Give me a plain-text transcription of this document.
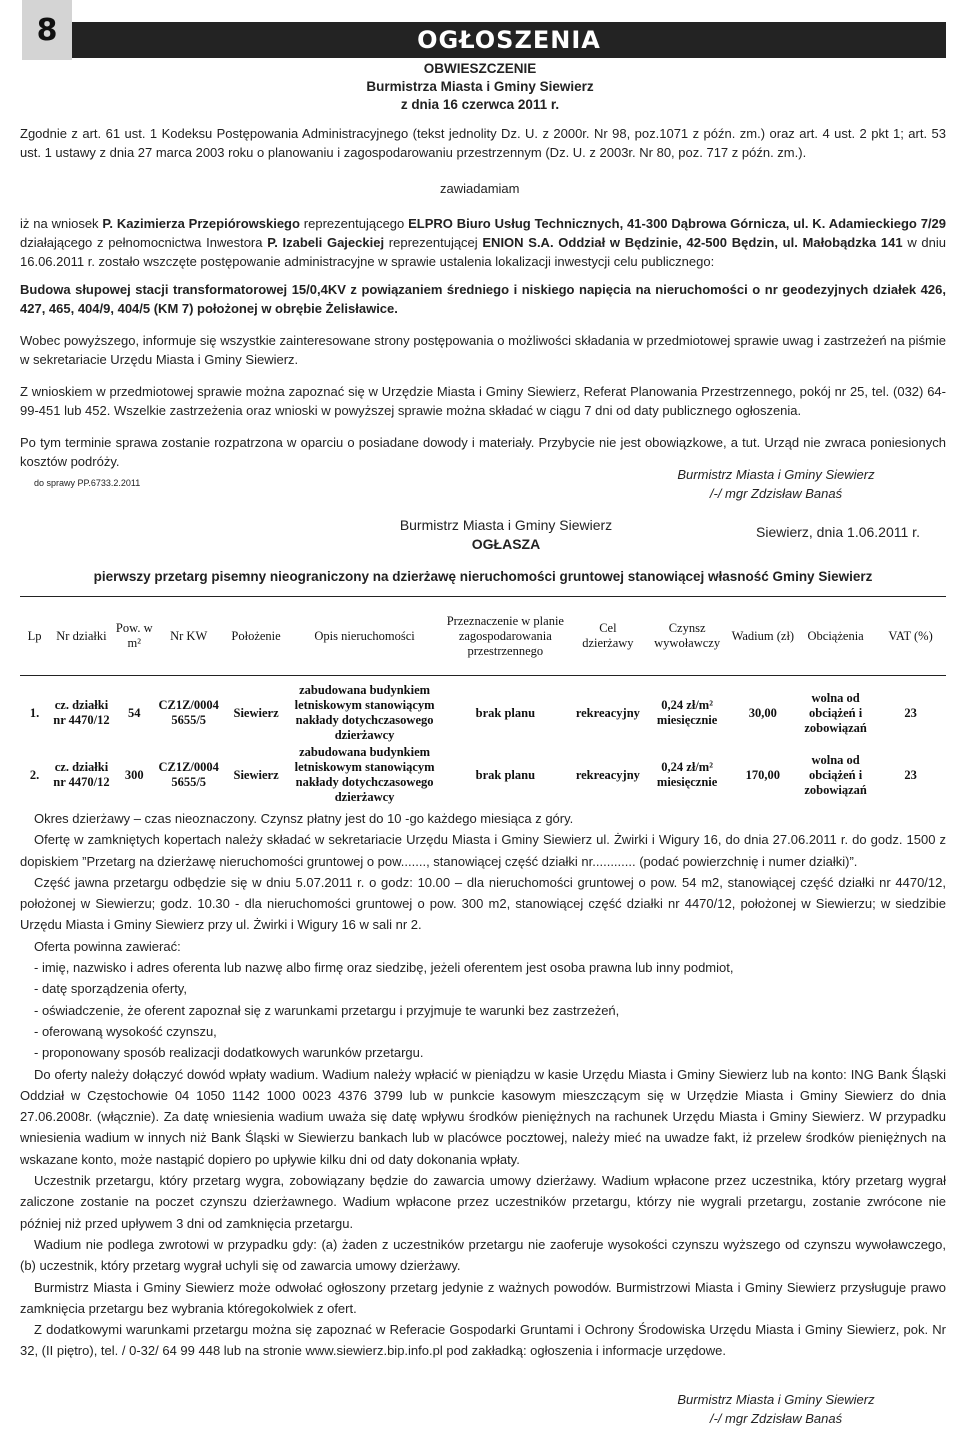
8	OGŁOSZENIA
OBWIESZCZENIE
Burmistrza Miasta i Gminy Siewierz
z dnia 16 czerwca 2011 r.

Zgodnie z art. 61 ust. 1 Kodeksu Postępowania Administracyjnego (tekst jednolity Dz. U. z 2000r. Nr 98, poz.1071 z późn. zm.) oraz art. 4 ust. 2 pkt 1; art. 53 ust. 1 ustawy z dnia 27 marca 2003 roku o planowaniu i zagospodarowaniu przestrzennym (Dz. U. z 2003r. Nr 80, poz. 717 z późn. zm.).

zawiadamiam

iż na wniosek P. Kazimierza Przepiórowskiego reprezentującego ELPRO Biuro Usług Technicznych, 41-300 Dąbrowa Górnicza, ul. K. Adamieckiego 7/29 działającego z pełnomocnictwa Inwestora P. Izabeli Gajeckiej reprezentującej ENION S.A. Oddział w Będzinie, 42-500 Będzin, ul. Małobądzka 141 w dniu 16.06.2011 r. zostało wszczęte postępowanie administracyjne w sprawie ustalenia lokalizacji inwestycji celu publicznego:

Budowa słupowej stacji transformatorowej 15/0,4KV z powiązaniem średniego i niskiego napięcia na nieruchomości o nr geodezyjnych działek 426, 427, 465, 404/9, 404/5 (KM 7) położonej w obrębie Żelisławice.

Wobec powyższego, informuje się wszystkie zainteresowane strony postępowania o możliwości składania w przedmiotowej sprawie uwag i zastrzeżeń na piśmie w sekretariacie Urzędu Miasta i Gminy Siewierz.

Z wnioskiem w przedmiotowej sprawie można zapoznać się w Urzędzie Miasta i Gminy Siewierz, Referat Planowania Przestrzennego, pokój nr 25, tel. (032) 64-99-451 lub 452. Wszelkie zastrzeżenia oraz wnioski w powyższej sprawie można składać w ciągu 7 dni od daty publicznego ogłoszenia.

Po tym terminie sprawa zostanie rozpatrzona w oparciu o posiadane dowody i materiały. Przybycie nie jest obowiązkowe, a tut. Urząd nie zwraca poniesionych kosztów podróży.

do sprawy PP.6733.2.2011

Burmistrz Miasta i Gminy Siewierz
/-/ mgr Zdzisław Banaś
Burmistrz Miasta i Gminy Siewierz
OGŁASZA

Siewierz, dnia 1.06.2011 r.

pierwszy przetarg pisemny nieograniczony na dzierżawę nieruchomości gruntowej stanowiącej własność Gminy Siewierz

Lp	Nr działki	Pow. w m²	Nr KW	Położenie	Opis nieruchomości	Przeznaczenie w planie zagospodarowania przestrzennego	Cel dzierżawy	Czynsz wywoławczy	Wadium (zł)	Obciążenia	VAT (%)
1.	cz. działki nr 4470/12	54	CZ1Z/0004 5655/5	Siewierz	zabudowana budynkiem letniskowym stanowiącym nakłady dotychczasowego dzierżawcy	brak planu	rekreacyjny	0,24 zł/m² miesięcznie	30,00	wolna od obciążeń i zobowiązań	23
2.	cz. działki nr 4470/12	300	CZ1Z/0004 5655/5	Siewierz	zabudowana budynkiem letniskowym stanowiącym nakłady dotychczasowego dzierżawcy	brak planu	rekreacyjny	0,24 zł/m² miesięcznie	170,00	wolna od obciążeń i zobowiązań	23
Okres dzierżawy – czas nieoznaczony. Czynsz płatny jest do 10 -go każdego miesiąca z góry.
Ofertę w zamkniętych kopertach należy składać w sekretariacie Urzędu Miasta i Gminy Siewierz ul. Żwirki i Wigury 16, do dnia 27.06.2011 r. do godz. 1500 z dopiskiem ”Przetarg na dzierżawę nieruchomości gruntowej o pow......., stanowiącej część działki nr............ (podać powierzchnię i numer działki)”.
Część jawna przetargu odbędzie się w dniu 5.07.2011 r. o godz: 10.00 – dla nieruchomości gruntowej o pow. 54 m2, stanowiącej część działki nr 4470/12, położonej w Siewierzu; godz. 10.30 - dla nieruchomości gruntowej o pow. 300 m2, stanowiącej część działki nr 4470/12, położonej w Siewierzu; w siedzibie Urzędu Miasta i Gminy Siewierz przy ul. Żwirki i Wigury 16 w sali nr 2.
Oferta powinna zawierać:
- imię, nazwisko i adres oferenta lub nazwę albo firmę oraz siedzibę, jeżeli oferentem jest osoba prawna lub inny podmiot,
- datę sporządzenia oferty,
- oświadczenie, że oferent zapoznał się z warunkami przetargu i przyjmuje te warunki bez zastrzeżeń,
- oferowaną wysokość czynszu,
- proponowany sposób realizacji dodatkowych warunków przetargu.
Do oferty należy dołączyć dowód wpłaty wadium. Wadium należy wpłacić w pieniądzu w kasie Urzędu Miasta i Gminy Siewierz lub na konto: ING Bank Śląski Oddział w Częstochowie 04 1050 1142 1000 0023 4376 3799 lub w punkcie kasowym mieszczącym się w Urzędzie Miasta i Gminy Siewierz do dnia 27.06.2008r. (włącznie). Za datę wniesienia wadium uważa się datę wpływu środków pieniężnych na rachunek Urzędu Miasta i Gminy Siewierz. W przypadku wniesienia wadium w innych niż Bank Śląski w Siewierzu bankach lub w placówce pocztowej, należy mieć na uwadze fakt, iż przelew środków pieniężnych na wskazane konto, może nastąpić dopiero po upływie kilku dni od daty dokonania wpłaty.
Uczestnik przetargu, który przetarg wygra, zobowiązany będzie do zawarcia umowy dzierżawy. Wadium wpłacone przez uczestnika, który przetarg wygrał zaliczone zostanie na poczet czynszu dzierżawnego. Wadium wpłacone przez uczestników przetargu, którzy nie wygrali przetargu, zostanie zwrócone nie później niż przed upływem 3 dni od zamknięcia przetargu.
Wadium nie podlega zwrotowi w przypadku gdy: (a) żaden z uczestników przetargu nie zaoferuje wysokości czynszu wyższego od czynszu wywoławczego, (b) uczestnik, który przetarg wygrał uchyli się od zawarcia umowy dzierżawy.
Burmistrz Miasta i Gminy Siewierz może odwołać ogłoszony przetarg jedynie z ważnych powodów. Burmistrzowi Miasta i Gminy Siewierz przysługuje prawo zamknięcia przetargu bez wybrania któregokolwiek z ofert.
Z dodatkowymi warunkami przetargu można się zapoznać w Referacie Gospodarki Gruntami i Ochrony Środowiska Urzędu Miasta i Gminy Siewierz, pok. Nr 32, (II piętro), tel. / 0-32/ 64 99 448 lub na stronie www.siewierz.bip.info.pl pod zakładką: ogłoszenia i informacje urzędowe.
Burmistrz Miasta i Gminy Siewierz
/-/ mgr Zdzisław Banaś
